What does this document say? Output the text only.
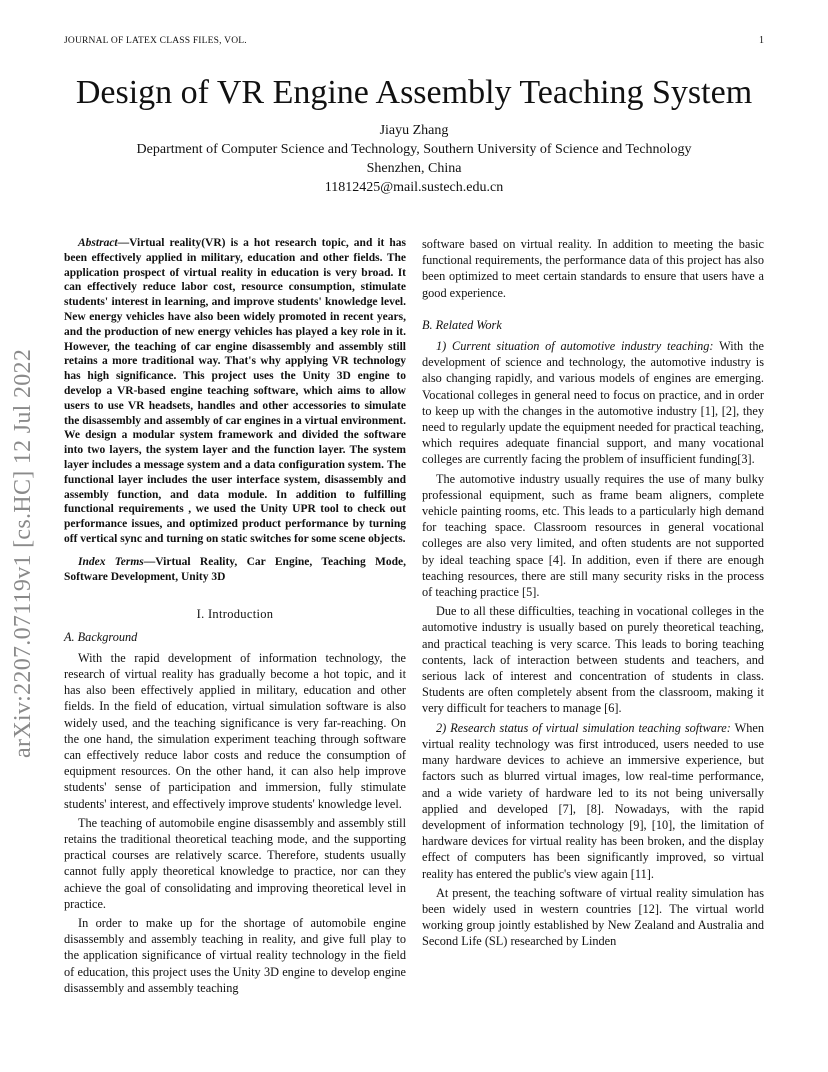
JOURNAL OF LATEX CLASS FILES, VOL.	1
arXiv:2207.07119v1 [cs.HC] 12 Jul 2022
Design of VR Engine Assembly Teaching System
Jiayu Zhang
Department of Computer Science and Technology, Southern University of Science and Technology
Shenzhen, China
11812425@mail.sustech.edu.cn

Abstract—Virtual reality(VR) is a hot research topic, and it has been effectively applied in military, education and other fields. The application prospect of virtual reality in education is very broad. It can effectively reduce labor cost, resource consumption, stimulate students' interest in learning, and improve students' knowledge level. New energy vehicles have also been widely promoted in recent years, and the production of new energy vehicles has played a key role in it. However, the teaching of car engine disassembly and assembly still retains a more traditional way. That's why applying VR technology has high significance. This project uses the Unity 3D engine to develop a VR-based engine teaching software, which aims to allow users to use VR headsets, handles and other accessories to simulate the disassembly and assembly of car engines in a virtual environment. We design a modular system framework and divided the software into two layers, the system layer and the function layer. The system layer includes a message system and a data configuration system. The functional layer includes the user interface system, disassembly and assembly function, and data module. In addition to fulfilling functional requirements , we used the Unity UPR tool to check out performance issues, and optimized product performance by turning off vertical sync and turning on static switches for some scene objects.

Index Terms—Virtual Reality, Car Engine, Teaching Mode, Software Development, Unity 3D

I. Introduction
A. Background

With the rapid development of information technology, the research of virtual reality has gradually become a hot topic, and it has also been effectively applied in military, education and other fields. In the field of education, virtual simulation software is also widely used, and the teaching significance is very far-reaching. On the one hand, the simulation experiment teaching through software can effectively reduce labor costs and reduce the consumption of equipment resources. On the other hand, it can also help improve students' sense of participation and immersion, fully stimulate students' interest, and effectively improve students' knowledge level.

The teaching of automobile engine disassembly and assembly still retains the traditional theoretical teaching mode, and the supporting practical courses are relatively scarce. Therefore, students usually cannot fully apply theoretical knowledge to practice, nor can they achieve the goal of consolidating and improving theoretical level in practice.

In order to make up for the shortage of automobile engine disassembly and assembly teaching in reality, and give full play to the application significance of virtual reality technology in the field of education, this project uses the Unity 3D engine to develop engine disassembly and assembly teaching

software based on virtual reality. In addition to meeting the basic functional requirements, the performance data of this project has also been optimized to meet certain standards to ensure that users have a good experience.

B. Related Work

1) Current situation of automotive industry teaching: With the development of science and technology, the automotive industry is also changing rapidly, and various models of engines are emerging. Vocational colleges in general need to focus on practice, and in order to keep up with the changes in the automotive industry [1], [2], they need to regularly update the equipment needed for practical teaching, which requires adequate financial support, and many vocational colleges are currently facing the problem of insufficient funding[3].

The automotive industry usually requires the use of many bulky professional equipment, such as frame beam aligners, complete vehicle painting rooms, etc. This leads to a particularly high demand for teaching space. Classroom resources in general vocational colleges are also very limited, and often students are not supported by ideal teaching space [4]. In addition, even if there are enough teaching resources, there are still many security risks in the process of teaching practice [5].

Due to all these difficulties, teaching in vocational colleges in the automotive industry is usually based on purely theoretical teaching, and practical teaching is very scarce. This leads to boring teaching contents, lack of interaction between students and teachers, and serious lack of interest and concentration of students in class. Students are often completely absent from the classroom, making it very difficult for teachers to manage [6].

2) Research status of virtual simulation teaching software: When virtual reality technology was first introduced, users needed to use many hardware devices to achieve an immersive experience, but factors such as blurred virtual images, low real-time performance, and a wide variety of hardware led to its not being universally applied and developed [7], [8]. Nowadays, with the rapid development of information technology [9], [10], the limitation of hardware devices for virtual reality has been broken, and the display effect of computers has been significantly improved, so virtual reality has entered the public's view again [11].

At present, the teaching software of virtual reality simulation has been widely used in western countries [12]. The virtual world working group jointly established by New Zealand and Australia and Second Life (SL) researched by Linden
